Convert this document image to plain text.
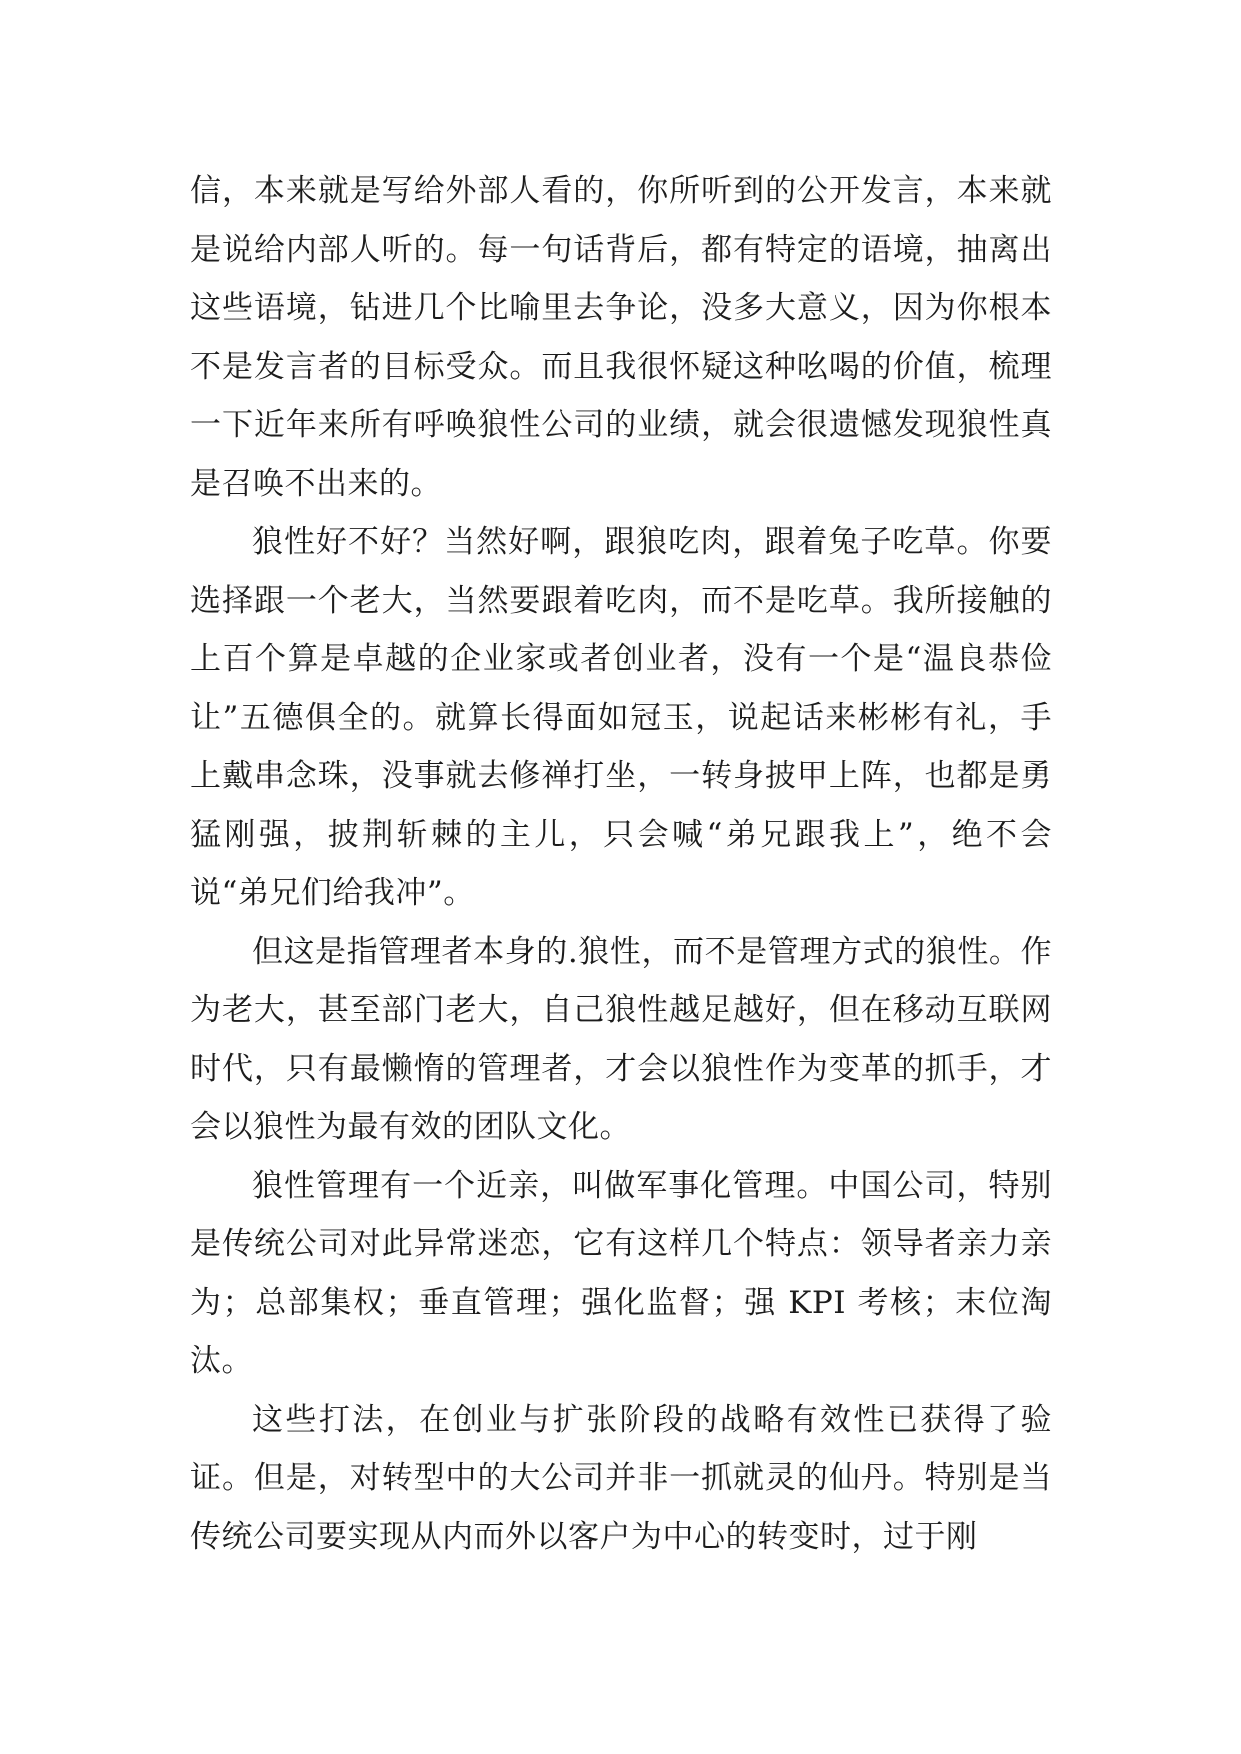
信，本来就是写给外部人看的，你所听到的公开发言，本来就是说给内部人听的。每一句话背后，都有特定的语境，抽离出这些语境，钻进几个比喻里去争论，没多大意义，因为你根本不是发言者的目标受众。而且我很怀疑这种吆喝的价值，梳理一下近年来所有呼唤狼性公司的业绩，就会很遗憾发现狼性真是召唤不出来的。

狼性好不好？当然好啊，跟狼吃肉，跟着兔子吃草。你要选择跟一个老大，当然要跟着吃肉，而不是吃草。我所接触的上百个算是卓越的企业家或者创业者，没有一个是“温良恭俭让”五德俱全的。就算长得面如冠玉，说起话来彬彬有礼，手上戴串念珠，没事就去修禅打坐，一转身披甲上阵，也都是勇猛刚强，披荆斩棘的主儿，只会喊“弟兄跟我上”，绝不会说“弟兄们给我冲”。

但这是指管理者本身的.狼性，而不是管理方式的狼性。作为老大，甚至部门老大，自己狼性越足越好，但在移动互联网时代，只有最懒惰的管理者，才会以狼性作为变革的抓手，才会以狼性为最有效的团队文化。

狼性管理有一个近亲，叫做军事化管理。中国公司，特别是传统公司对此异常迷恋，它有这样几个特点：领导者亲力亲为；总部集权；垂直管理；强化监督；强 KPI 考核；末位淘汰。

这些打法，在创业与扩张阶段的战略有效性已获得了验证。但是，对转型中的大公司并非一抓就灵的仙丹。特别是当传统公司要实现从内而外以客户为中心的转变时，过于刚
